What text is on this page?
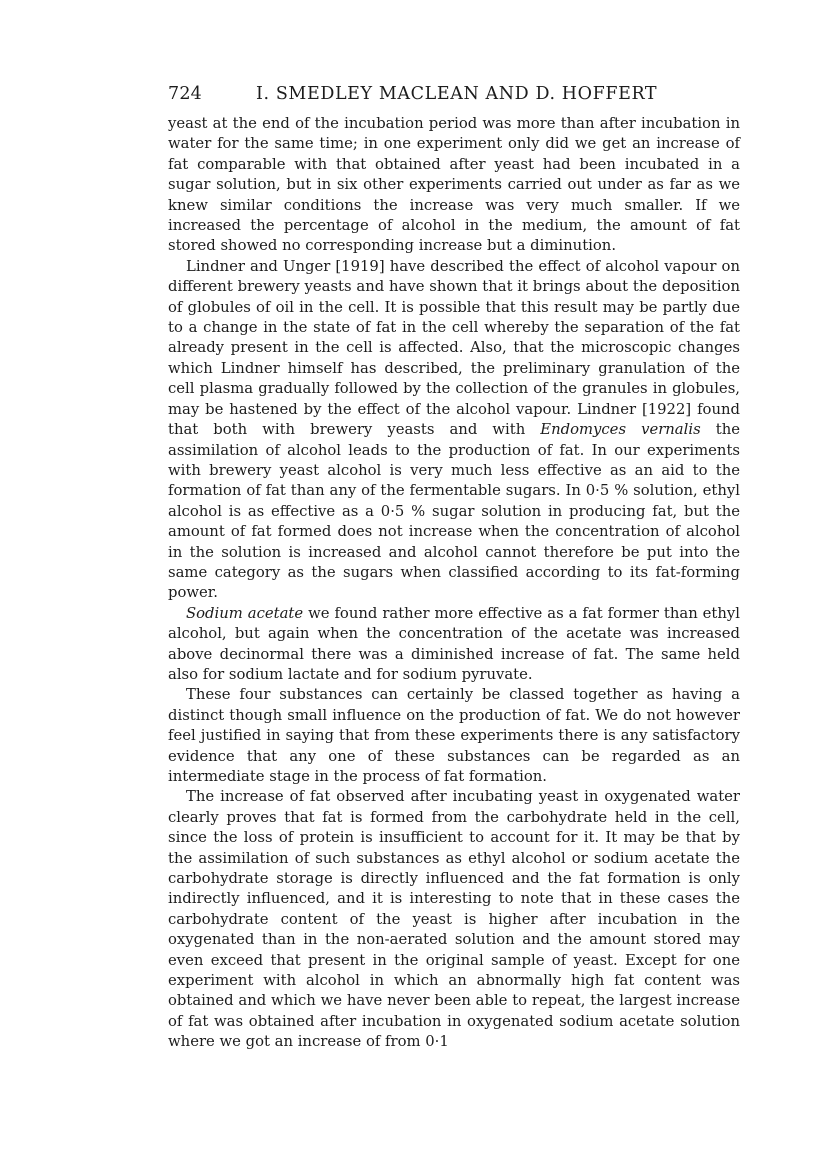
724	I. SMEDLEY MACLEAN AND D. HOFFERT

yeast at the end of the incubation period was more than after incubation in water for the same time; in one experiment only did we get an increase of fat comparable with that obtained after yeast had been incubated in a sugar solution, but in six other experiments carried out under as far as we knew similar conditions the increase was very much smaller. If we increased the percentage of alcohol in the medium, the amount of fat stored showed no corresponding increase but a diminution.

Lindner and Unger [1919] have described the effect of alcohol vapour on different brewery yeasts and have shown that it brings about the deposition of globules of oil in the cell. It is possible that this result may be partly due to a change in the state of fat in the cell whereby the separation of the fat already present in the cell is affected. Also, that the microscopic changes which Lindner himself has described, the preliminary granulation of the cell plasma gradually followed by the collection of the granules in globules, may be hastened by the effect of the alcohol vapour. Lindner [1922] found that both with brewery yeasts and with Endomyces vernalis the assimilation of alcohol leads to the production of fat. In our experiments with brewery yeast alcohol is very much less effective as an aid to the formation of fat than any of the fermentable sugars. In 0·5 % solution, ethyl alcohol is as effective as a 0·5 % sugar solution in producing fat, but the amount of fat formed does not increase when the concentration of alcohol in the solution is increased and alcohol cannot therefore be put into the same category as the sugars when classified according to its fat-forming power.

Sodium acetate we found rather more effective as a fat former than ethyl alcohol, but again when the concentration of the acetate was increased above decinormal there was a diminished increase of fat. The same held also for sodium lactate and for sodium pyruvate.

These four substances can certainly be classed together as having a distinct though small influence on the production of fat. We do not however feel justified in saying that from these experiments there is any satisfactory evidence that any one of these substances can be regarded as an intermediate stage in the process of fat formation.

The increase of fat observed after incubating yeast in oxygenated water clearly proves that fat is formed from the carbohydrate held in the cell, since the loss of protein is insufficient to account for it. It may be that by the assimilation of such substances as ethyl alcohol or sodium acetate the carbohydrate storage is directly influenced and the fat formation is only indirectly influenced, and it is interesting to note that in these cases the carbohydrate content of the yeast is higher after incubation in the oxygenated than in the non-aerated solution and the amount stored may even exceed that present in the original sample of yeast. Except for one experiment with alcohol in which an abnormally high fat content was obtained and which we have never been able to repeat, the largest increase of fat was obtained after incubation in oxygenated sodium acetate solution where we got an increase of from 0·1
